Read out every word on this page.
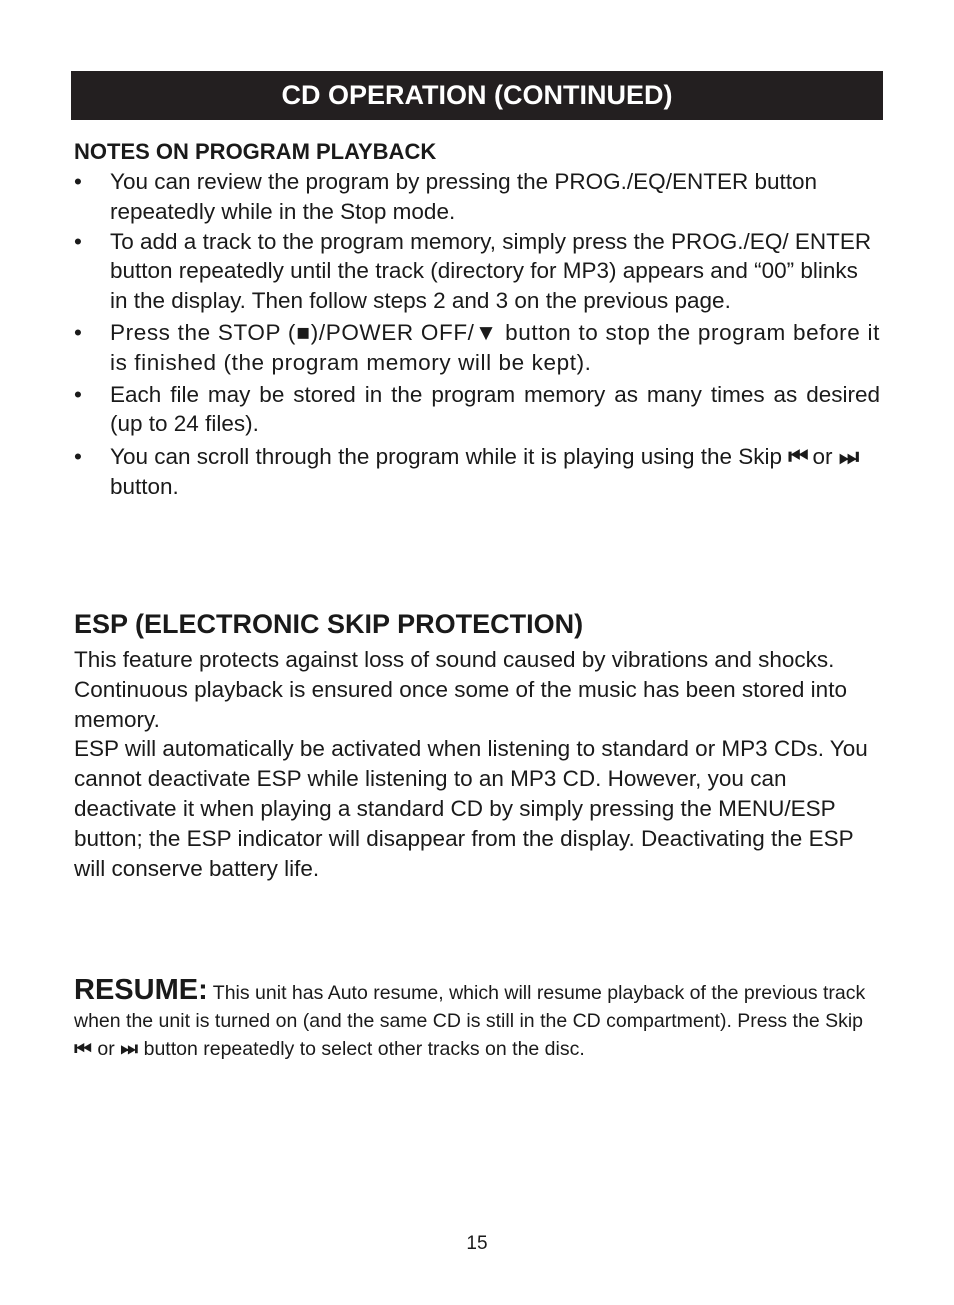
CD OPERATION (CONTINUED)
NOTES ON PROGRAM PLAYBACK
• You can review the program by pressing the PROG./EQ/ENTER button repeatedly while in the Stop mode.
• To add a track to the program memory, simply press the PROG./EQ/ ENTER button repeatedly until the track (directory for MP3) appears and “00” blinks in the display. Then follow steps 2 and 3 on the previous page.
• Press the STOP (■)/POWER OFF/▼ button to stop the program before it is finished (the program memory will be kept).
• Each file may be stored in the program memory as many times as desired (up to 24 files).
• You can scroll through the program while it is playing using the Skip ⏮ or ⏭ button.
ESP (ELECTRONIC SKIP PROTECTION)

This feature protects against loss of sound caused by vibrations and shocks. Continuous playback is ensured once some of the music has been stored into memory.

ESP will automatically be activated when listening to standard or MP3 CDs. You cannot deactivate ESP while listening to an MP3 CD. However, you can deactivate it when playing a standard CD by simply pressing the MENU/ESP button; the ESP indicator will disappear from the display. Deactivating the ESP will conserve battery life.

RESUME: This unit has Auto resume, which will resume playback of the previous track when the unit is turned on (and the same CD is still in the CD compartment). Press the Skip ⏮ or ⏭ button repeatedly to select other tracks on the disc.
15
